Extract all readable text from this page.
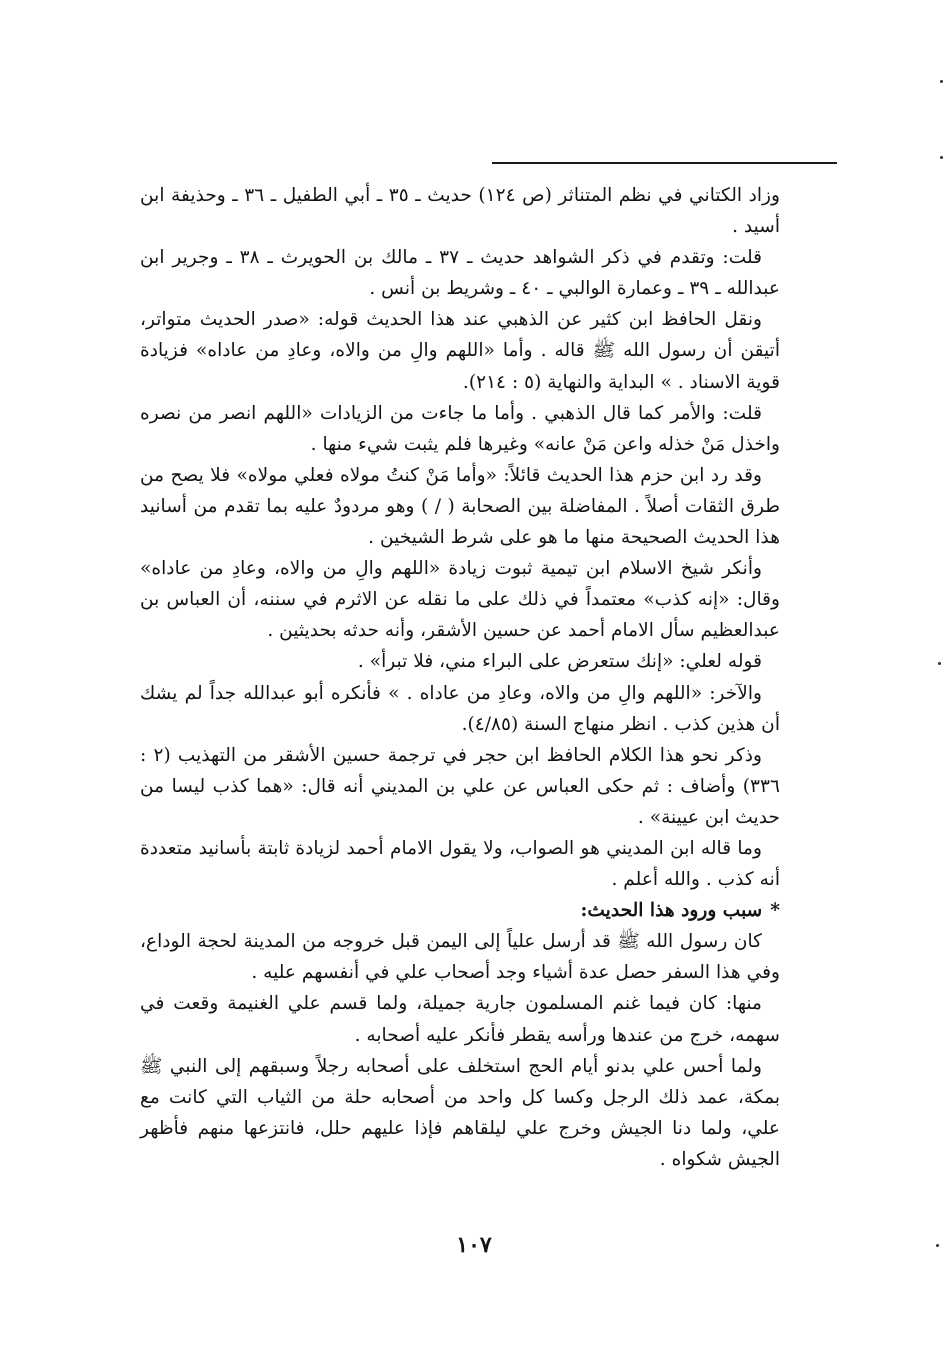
وزاد الكتاني في نظم المتناثر (ص ١٢٤) حديث ـ ٣٥ ـ أبي الطفيل ـ ٣٦ ـ وحذيفة ابن أسيد .

قلت: وتقدم في ذكر الشواهد حديث ـ ٣٧ ـ مالك بن الحويرث ـ ٣٨ ـ وجرير ابن عبدالله ـ ٣٩ ـ وعمارة الوالبي ـ ٤٠ ـ وشريط بن أنس .

ونقل الحافظ ابن كثير عن الذهبي عند هذا الحديث قوله: «صدر الحديث متواتر، أتيقن أن رسول الله ﷺ قاله . وأما «اللهم والِ من والاه، وعادِ من عاداه» فزيادة قوية الاسناد . » البداية والنهاية (٥ : ٢١٤).

قلت: والأمر كما قال الذهبي . وأما ما جاءت من الزيادات «اللهم انصر من نصره واخذل مَنْ خذله واعن مَنْ عانه» وغيرها فلم يثبت شيء منها .

وقد رد ابن حزم هذا الحديث قائلاً: «وأما مَنْ كنتُ مولاه فعلي مولاه» فلا يصح من طرق الثقات أصلاً . المفاضلة بين الصحابة ( / ) وهو مردودٌ عليه بما تقدم من أسانيد هذا الحديث الصحيحة منها ما هو على شرط الشيخين .

وأنكر شيخ الاسلام ابن تيمية ثبوت زيادة «اللهم والِ من والاه، وعادِ من عاداه» وقال: «إنه كذب» معتمداً في ذلك على ما نقله عن الاثرم في سننه، أن العباس بن عبدالعظيم سأل الامام أحمد عن حسين الأشقر، وأنه حدثه بحديثين .

قوله لعلي: «إنك ستعرض على البراء مني، فلا تبرأ» .

والآخر: «اللهم والِ من والاه، وعادِ من عاداه . » فأنكره أبو عبدالله جداً لم يشك أن هذين كذب . انظر منهاج السنة (٤/٨٥).

وذكر نحو هذا الكلام الحافظ ابن حجر في ترجمة حسين الأشقر من التهذيب (٢ : ٣٣٦) وأضاف : ثم حكى العباس عن علي بن المديني أنه قال: «هما كذب ليسا من حديث ابن عيينة» .

وما قاله ابن المديني هو الصواب، ولا يقول الامام أحمد لزيادة ثابتة بأسانيد متعددة أنه كذب . والله أعلم .

*سبب ورود هذا الحديث:

كان رسول الله ﷺ قد أرسل علياً إلى اليمن قبل خروجه من المدينة لحجة الوداع، وفي هذا السفر حصل عدة أشياء وجد أصحاب علي في أنفسهم عليه .

منها: كان فيما غنم المسلمون جارية جميلة، ولما قسم علي الغنيمة وقعت في سهمه، خرج من عندها ورأسه يقطر فأنكر عليه أصحابه .

ولما أحس علي بدنو أيام الحج استخلف على أصحابه رجلاً وسبقهم إلى النبي ﷺ بمكة، عمد ذلك الرجل وكسا كل واحد من أصحابه حلة من الثياب التي كانت مع علي، ولما دنا الجيش وخرج علي ليلقاهم فإذا عليهم حلل، فانتزعها منهم فأظهر الجيش شكواه .

١٠٧
